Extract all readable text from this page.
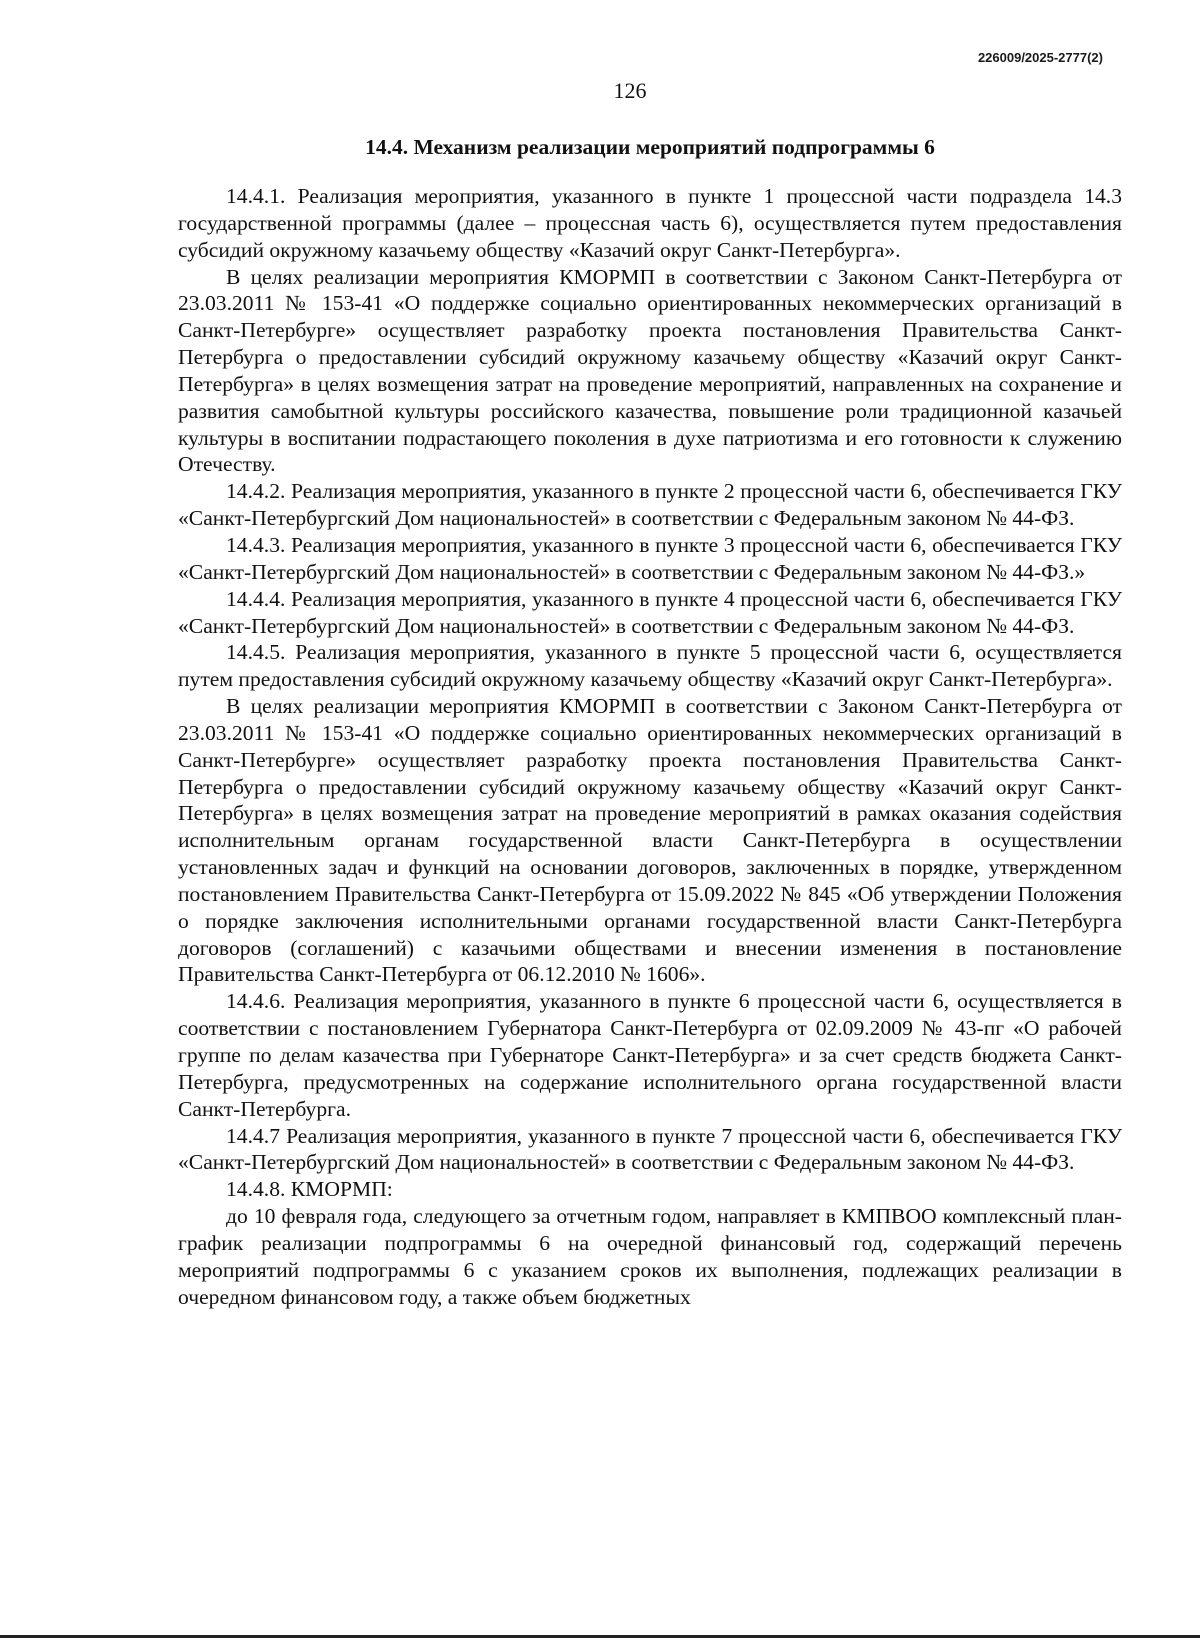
226009/2025-2777(2)
126
14.4. Механизм реализации мероприятий подпрограммы 6

14.4.1. Реализация мероприятия, указанного в пункте 1 процессной части подраздела 14.3 государственной программы (далее – процессная часть 6), осуществляется путем предоставления субсидий окружному казачьему обществу «Казачий округ Санкт-Петербурга».

В целях реализации мероприятия КМОРМП в соответствии с Законом Санкт-Петербурга от 23.03.2011 № 153-41 «О поддержке социально ориентированных некоммерческих организаций в Санкт-Петербурге» осуществляет разработку проекта постановления Правительства Санкт-Петербурга о предоставлении субсидий окружному казачьему обществу «Казачий округ Санкт-Петербурга» в целях возмещения затрат на проведение мероприятий, направленных на сохранение и развития самобытной культуры российского казачества, повышение роли традиционной казачьей культуры в воспитании подрастающего поколения в духе патриотизма и его готовности к служению Отечеству.

14.4.2. Реализация мероприятия, указанного в пункте 2 процессной части 6, обеспечивается ГКУ «Санкт-Петербургский Дом национальностей» в соответствии с Федеральным законом № 44-ФЗ.

14.4.3. Реализация мероприятия, указанного в пункте 3 процессной части 6, обеспечивается ГКУ «Санкт-Петербургский Дом национальностей» в соответствии с Федеральным законом № 44-ФЗ.»

14.4.4. Реализация мероприятия, указанного в пункте 4 процессной части 6, обеспечивается ГКУ «Санкт-Петербургский Дом национальностей» в соответствии с Федеральным законом № 44-ФЗ.

14.4.5. Реализация мероприятия, указанного в пункте 5 процессной части 6, осуществляется путем предоставления субсидий окружному казачьему обществу «Казачий округ Санкт-Петербурга».

В целях реализации мероприятия КМОРМП в соответствии с Законом Санкт-Петербурга от 23.03.2011 № 153-41 «О поддержке социально ориентированных некоммерческих организаций в Санкт-Петербурге» осуществляет разработку проекта постановления Правительства Санкт-Петербурга о предоставлении субсидий окружному казачьему обществу «Казачий округ Санкт-Петербурга» в целях возмещения затрат на проведение мероприятий в рамках оказания содействия исполнительным органам государственной власти Санкт-Петербурга в осуществлении установленных задач и функций на основании договоров, заключенных в порядке, утвержденном постановлением Правительства Санкт-Петербурга от 15.09.2022 № 845 «Об утверждении Положения о порядке заключения исполнительными органами государственной власти Санкт-Петербурга договоров (соглашений) с казачьими обществами и внесении изменения в постановление Правительства Санкт-Петербурга от 06.12.2010 № 1606».

14.4.6. Реализация мероприятия, указанного в пункте 6 процессной части 6, осуществляется в соответствии с постановлением Губернатора Санкт-Петербурга от 02.09.2009 № 43-пг «О рабочей группе по делам казачества при Губернаторе Санкт-Петербурга» и за счет средств бюджета Санкт-Петербурга, предусмотренных на содержание исполнительного органа государственной власти Санкт-Петербурга.

14.4.7 Реализация мероприятия, указанного в пункте 7 процессной части 6, обеспечивается ГКУ «Санкт-Петербургский Дом национальностей» в соответствии с Федеральным законом № 44-ФЗ.

14.4.8. КМОРМП:

до 10 февраля года, следующего за отчетным годом, направляет в КМПВОО комплексный план-график реализации подпрограммы 6 на очередной финансовый год, содержащий перечень мероприятий подпрограммы 6 с указанием сроков их выполнения, подлежащих реализации в очередном финансовом году, а также объем бюджетных
